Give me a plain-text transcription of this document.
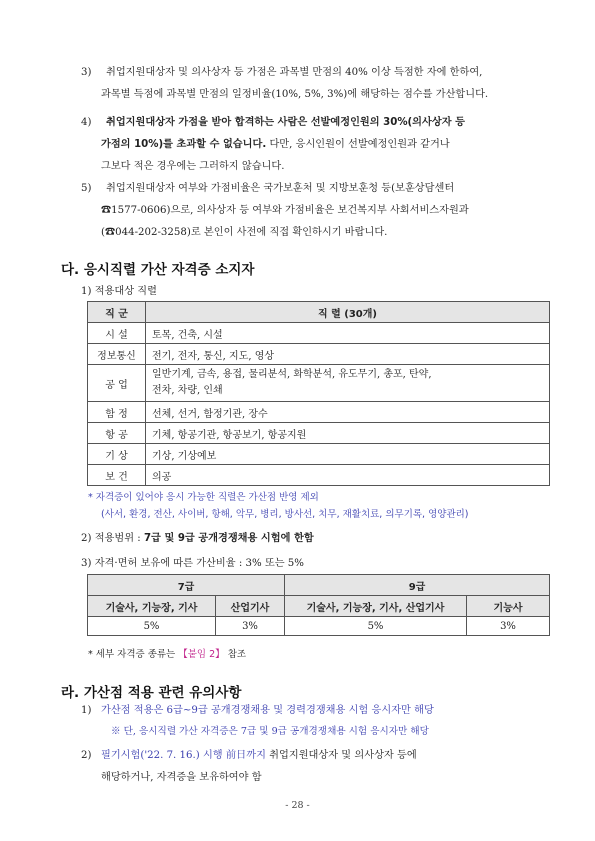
3) 취업지원대상자 및 의사상자 등 가점은 과목별 만점의 40% 이상 득점한 자에 한하여,
과목별 득점에 과목별 만점의 일정비율(10%, 5%, 3%)에 해당하는 점수를 가산합니다.
4) 취업지원대상자 가점을 받아 합격하는 사람은 선발예정인원의 30%(의사상자 등
가점의 10%)를 초과할 수 없습니다. 다만, 응시인원이 선발예정인원과 같거나
그보다 적은 경우에는 그러하지 않습니다.
5) 취업지원대상자 여부와 가점비율은 국가보훈처 및 지방보훈청 등(보훈상담센터
☎1577-0606)으로, 의사상자 등 여부와 가점비율은 보건복지부 사회서비스자원과
(☎044-202-3258)로 본인이 사전에 직접 확인하시기 바랍니다.
다. 응시직렬 가산 자격증 소지자
1) 적용대상 직렬
직 군	직 렬 (30개)
시 설	토목, 건축, 시설
정보통신	전기, 전자, 통신, 지도, 영상
공 업	일반기계, 금속, 용접, 물리분석, 화학분석, 유도무기, 총포, 탄약,
전차, 차량, 인쇄

함 정	선체, 선거, 함정기관, 장수
항 공	기체, 항공기관, 항공보기, 항공지원
기 상	기상, 기상예보
보 건	의공
* 자격증이 있어야 응시 가능한 직렬은 가산점 반영 제외
(사서, 환경, 전산, 사이버, 항해, 악무, 병리, 방사선, 치무, 재활치료, 의무기록, 영양관리)
2) 적용범위 : 7급 및 9급 공개경쟁채용 시험에 한함
3) 자격·면허 보유에 따른 가산비율 : 3% 또는 5%
7급		9급	
기술사, 기능장, 기사	산업기사	기술사, 기능장, 기사, 산업기사	기능사
5%	3%	5%	3%
* 세부 자격증 종류는 【붙임 2】 참조
라. 가산점 적용 관련 유의사항
1) 가산점 적용은 6급~9급 공개경쟁채용 및 경력경쟁채용 시험 응시자만 해당
※ 단, 응시직렬 가산 자격증은 7급 및 9급 공개경쟁채용 시험 응시자만 해당
2) 필기시험('22. 7. 16.) 시행 前日까지 취업지원대상자 및 의사상자 등에
해당하거나, 자격증을 보유하여야 함
- 28 -
